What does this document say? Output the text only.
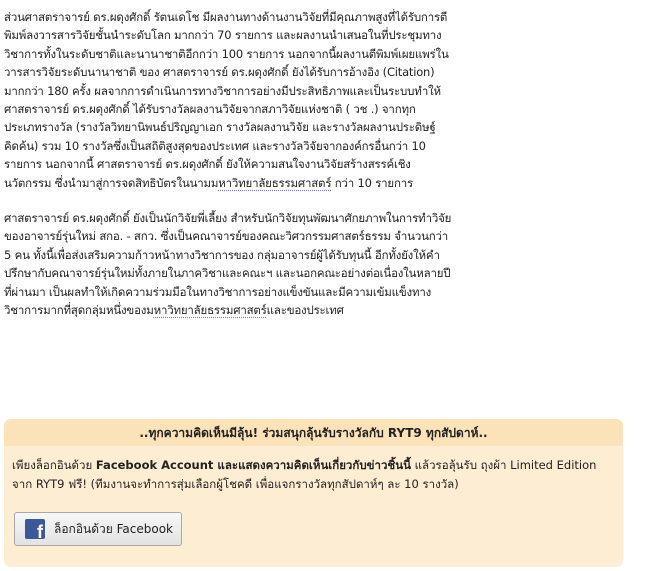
ส่วนศาสตราจารย์ ดร.ผดุงศักดิ์ รัตนเดโช มีผลงานทางด้านงานวิจัยที่มีคุณภาพสูงที่ได้รับการตีพิมพ์ลงวารสารวิจัยชั้นนำระดับโลก มากกว่า 70 รายการ และผลงานนำเสนอในที่ประชุมทางวิชาการทั้งในระดับชาติและนานาชาติอีกกว่า 100 รายการ นอกจากนี้ผลงานตีพิมพ์เผยแพร่ในวารสารวิจัยระดับนานาชาติ ของ ศาสตราจารย์ ดร.ผดุงศักดิ์ ยังได้รับการอ้างอิง (Citation) มากกว่า 180 ครั้ง ผลจากการดำเนินการทางวิชาการอย่างมีประสิทธิภาพและเป็นระบบทำให้ศาสตราจารย์ ดร.ผดุงศักดิ์ ได้รับรางวัลผลงานวิจัยจากสภาวิจัยแห่งชาติ ( วช .) จากทุกประเภทรางวัล (รางวัลวิทยานิพนธ์ปริญญาเอก รางวัลผลงานวิจัย และรางวัลผลงานประดิษฐ์คิดค้น) รวม 10 รางวัลซึ่งเป็นสถิติสูงสุดของประเทศ และรางวัลวิจัยจากองค์กรอื่นกว่า 10 รายการ นอกจากนี้ ศาสตราจารย์ ดร.ผดุงศักดิ์ ยังให้ความสนใจงานวิจัยสร้างสรรค์เชิงนวัตกรรม ซึ่งนำมาสู่การจดสิทธิบัตรในนามมหาวิทยาลัยธรรมศาสตร์ กว่า 10 รายการ

ศาสตราจารย์ ดร.ผดุงศักดิ์ ยังเป็นนักวิจัยพี่เลี้ยง สำหรับนักวิจัยทุนพัฒนาศักยภาพในการทำวิจัยของอาจารย์รุ่นใหม่ สกอ. - สกว. ซึ่งเป็นคณาจารย์ของคณะวิศวกรรมศาสตร์ธรรม จำนวนกว่า 5 คน ทั้งนี้เพื่อส่งเสริมความก้าวหน้าทางวิชาการของ กลุ่มอาจารย์ผู้ได้รับทุนนี้ อีกทั้งยังให้คำปรึกษากับคณาจารย์รุ่นใหม่ทั้งภายในภาควิชาและคณะฯ และนอกคณะอย่างต่อเนื่องในหลายปีที่ผ่านมา เป็นผลทำให้เกิดความร่วมมือในทางวิชาการอย่างแข็งขันและมีความเข้มแข็งทางวิชาการมากที่สุดกลุ่มหนึ่งของมหาวิทยาลัยธรรมศาสตร์และของประเทศ

..ทุกความคิดเห็นมีลุ้น! ร่วมสนุกลุ้นรับรางวัลกับ RYT9 ทุกสัปดาห์..
เพียงล็อกอินด้วย Facebook Account และแสดงความคิดเห็นเกี่ยวกับข่าวชิ้นนี้ แล้วรอลุ้นรับ ถุงผ้า Limited Edition จาก RYT9 ฟรี! (ทีมงานจะทำการสุ่มเลือกผู้โชคดี เพื่อแจกรางวัลทุกสัปดาห์ๆ ละ 10 รางวัล)
f ล็อกอินด้วย Facebook
